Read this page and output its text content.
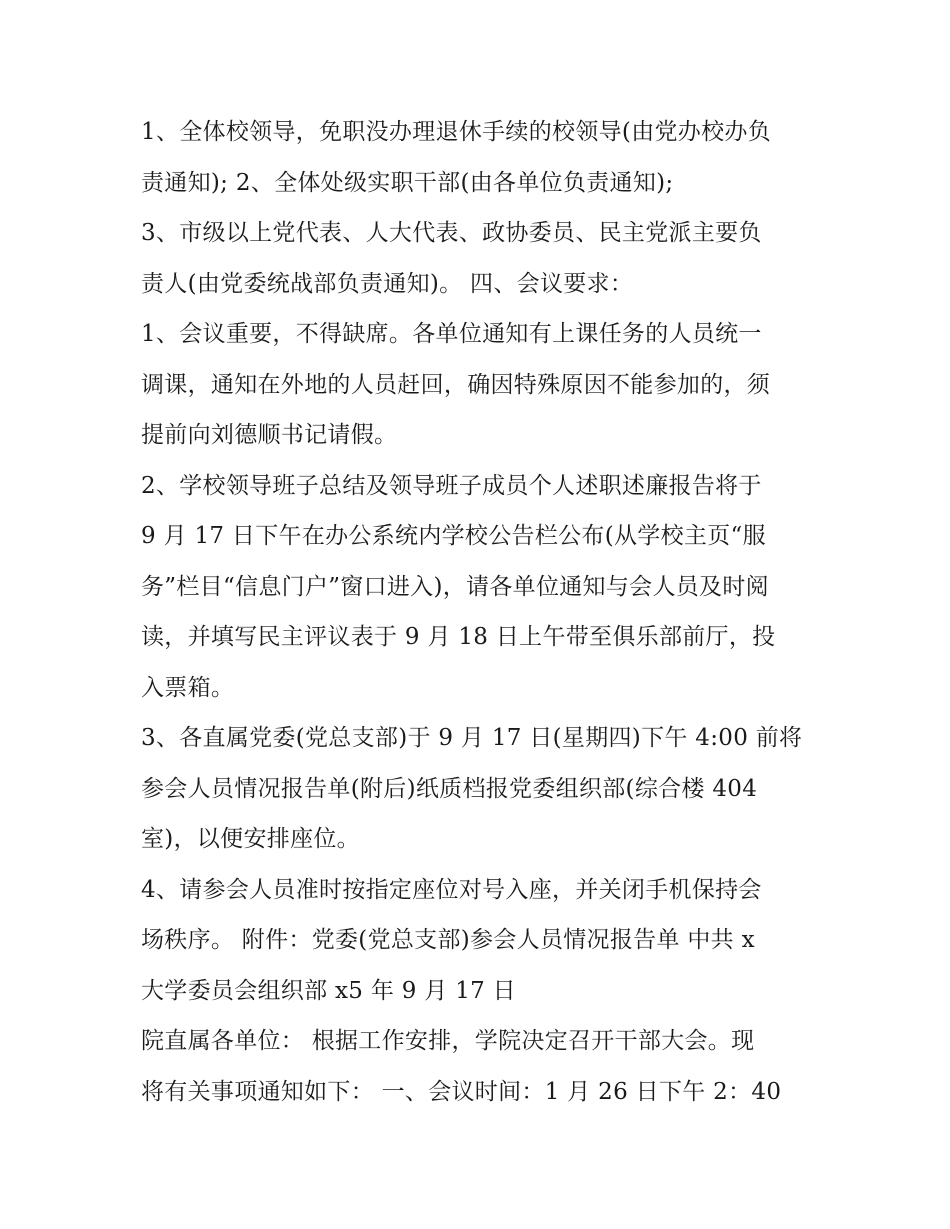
1、全体校领导，免职没办理退休手续的校领导(由党办校办负
责通知); 2、全体处级实职干部(由各单位负责通知);
3、市级以上党代表、人大代表、政协委员、民主党派主要负
责人(由党委统战部负责通知)。 四、会议要求：
1、会议重要，不得缺席。各单位通知有上课任务的人员统一
调课，通知在外地的人员赶回，确因特殊原因不能参加的，须
提前向刘德顺书记请假。
2、学校领导班子总结及领导班子成员个人述职述廉报告将于
9 月 17 日下午在办公系统内学校公告栏公布(从学校主页“服
务”栏目“信息门户”窗口进入)，请各单位通知与会人员及时阅
读，并填写民主评议表于 9 月 18 日上午带至俱乐部前厅，投
入票箱。
3、各直属党委(党总支部)于 9 月 17 日(星期四)下午 4:00 前将
参会人员情况报告单(附后)纸质档报党委组织部(综合楼 404
室)，以便安排座位。
4、请参会人员准时按指定座位对号入座，并关闭手机保持会
场秩序。 附件：党委(党总支部)参会人员情况报告单 中共 x
大学委员会组织部 x5 年 9 月 17 日
院直属各单位： 根据工作安排，学院决定召开干部大会。现
将有关事项通知如下： 一、会议时间：1 月 26 日下午 2：40
